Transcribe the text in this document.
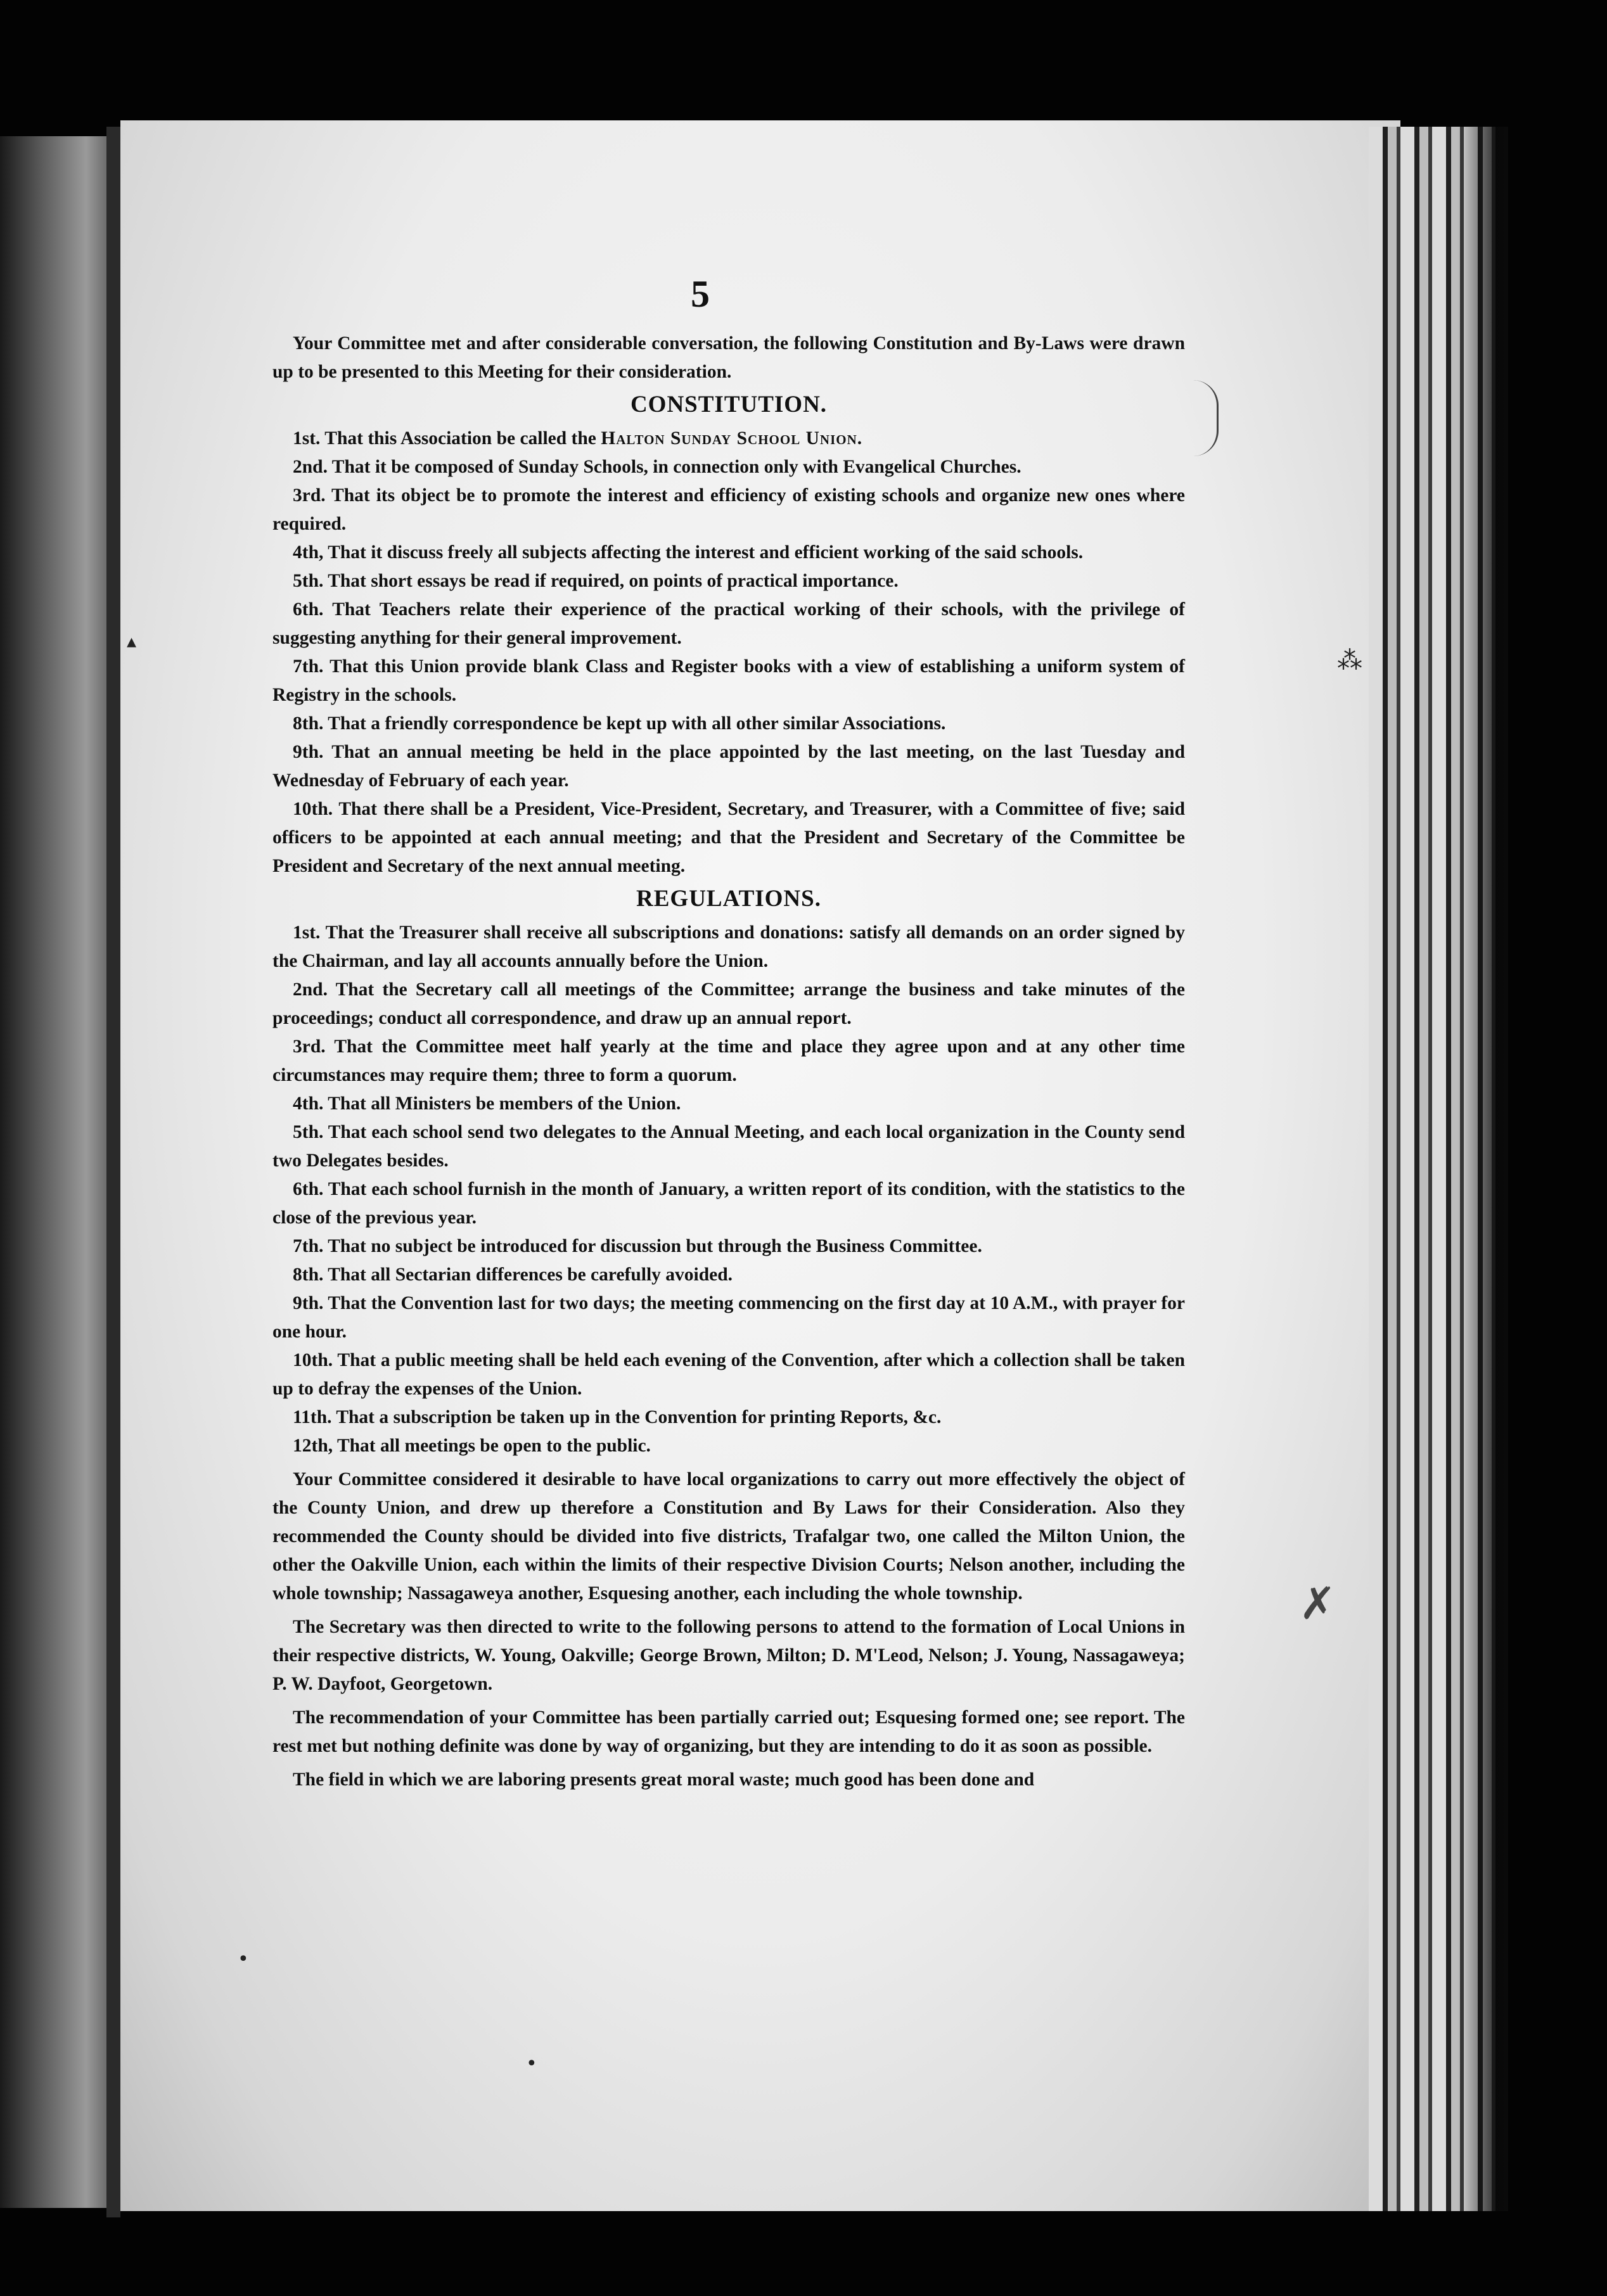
5

Your Committee met and after considerable conversation, the following Constitution and By-Laws were drawn up to be presented to this Meeting for their consideration.

CONSTITUTION.

1st. That this Association be called the Halton Sunday School Union.

2nd. That it be composed of Sunday Schools, in connection only with Evangelical Churches.

3rd. That its object be to promote the interest and efficiency of existing schools and organize new ones where required.

4th, That it discuss freely all subjects affecting the interest and efficient working of the said schools.

5th. That short essays be read if required, on points of practical importance.

6th. That Teachers relate their experience of the practical working of their schools, with the privilege of suggesting anything for their general improvement.

7th. That this Union provide blank Class and Register books with a view of establishing a uniform system of Registry in the schools.

8th. That a friendly correspondence be kept up with all other similar Associations.

9th. That an annual meeting be held in the place appointed by the last meeting, on the last Tuesday and Wednesday of February of each year.

10th. That there shall be a President, Vice-President, Secretary, and Treasurer, with a Committee of five; said officers to be appointed at each annual meeting; and that the President and Secretary of the Committee be President and Secretary of the next annual meeting.

REGULATIONS.

1st. That the Treasurer shall receive all subscriptions and donations: satisfy all demands on an order signed by the Chairman, and lay all accounts annually before the Union.

2nd. That the Secretary call all meetings of the Committee; arrange the business and take minutes of the proceedings; conduct all correspondence, and draw up an annual report.

3rd. That the Committee meet half yearly at the time and place they agree upon and at any other time circumstances may require them; three to form a quorum.

4th. That all Ministers be members of the Union.

5th. That each school send two delegates to the Annual Meeting, and each local organization in the County send two Delegates besides.

6th. That each school furnish in the month of January, a written report of its condition, with the statistics to the close of the previous year.

7th. That no subject be introduced for discussion but through the Business Committee.

8th. That all Sectarian differences be carefully avoided.

9th. That the Convention last for two days; the meeting commencing on the first day at 10 A.M., with prayer for one hour.

10th. That a public meeting shall be held each evening of the Convention, after which a collection shall be taken up to defray the expenses of the Union.

11th. That a subscription be taken up in the Convention for printing Reports, &c.

12th, That all meetings be open to the public.

Your Committee considered it desirable to have local organizations to carry out more effectively the object of the County Union, and drew up therefore a Constitution and By Laws for their Consideration. Also they recommended the County should be divided into five districts, Trafalgar two, one called the Milton Union, the other the Oakville Union, each within the limits of their respective Division Courts; Nelson another, including the whole township; Nassagaweya another, Esquesing another, each including the whole township.

The Secretary was then directed to write to the following persons to attend to the formation of Local Unions in their respective districts, W. Young, Oakville; George Brown, Milton; D. M'Leod, Nelson; J. Young, Nassagaweya; P. W. Dayfoot, Georgetown.

The recommendation of your Committee has been partially carried out; Esquesing formed one; see report. The rest met but nothing definite was done by way of organizing, but they are intending to do it as soon as possible.

The field in which we are laboring presents great moral waste; much good has been done and

⁂
✗
▴
•
•
